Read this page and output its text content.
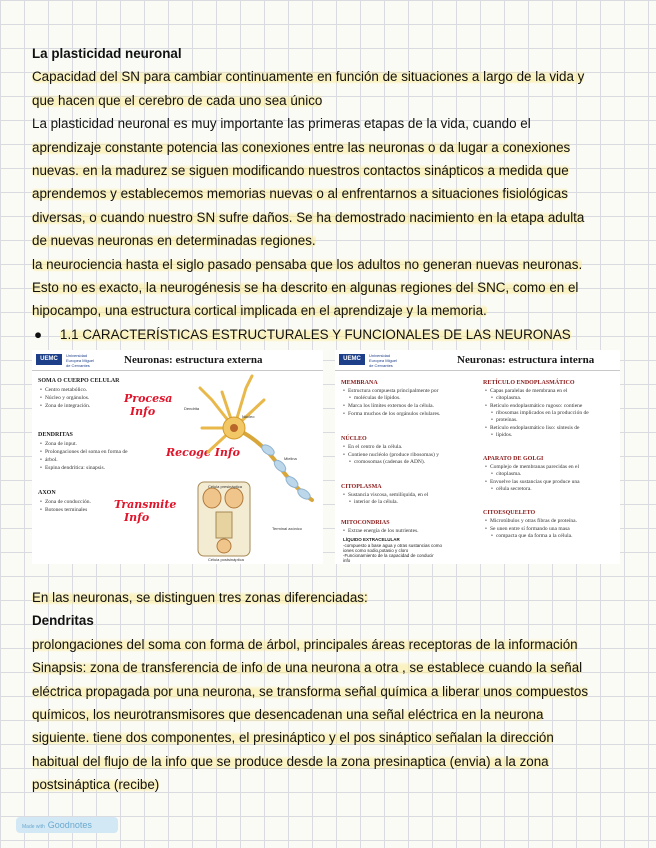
La plasticidad neuronal
Capacidad del SN para cambiar continuamente en función de situaciones a largo de la vida y
que hacen que el cerebro de cada uno sea único
La plasticidad neuronal es muy importante las primeras etapas de la vida, cuando el
aprendizaje constante potencia las conexiones entre las neuronas o da lugar a conexiones
nuevas. en la madurez se siguen modificando nuestros contactos sinápticos a medida que
aprendemos y establecemos memorias nuevas o al enfrentarnos a situaciones fisiológicas
diversas, o cuando nuestro SN sufre daños. Se ha demostrado nacimiento en la etapa adulta
de nuevas neuronas en determinadas regiones.
la neurociencia hasta el siglo pasado pensaba que los adultos no generan nuevas neuronas.
Esto no es exacto, la neurogénesis se ha descrito en algunas regiones del SNC, como en el
hipocampo, una estructura cortical implicada en el aprendizaje y la memoria.
● 1.1 CARACTERÍSTICAS ESTRUCTURALES Y FUNCIONALES DE LAS NEURONAS
UEMC
Universidad Europea Miguel de Cervantes	Neuronas: estructura externa
SOMA O CUERPO CELULAR
• Centro metabólico.
• Núcleo y orgánulos.
• Zona de integración.
DENDRITAS
• Zona de input.
• Prolongaciones del soma en forma de
• árbol.
• Espina dendrítica: sinapsis.
AXON
• Zona de conducción.
• Botones terminales
Procesa
Info
Recoge Info
Transmite
Info
Célula presináptica
Célula postsináptica
Núcleo
Mielina
Terminal axónico
Dendrita
UEMC
Universidad Europea Miguel de Cervantes	Neuronas: estructura interna
MEMBRANA
• Estructura compuesta principalmente por
• moléculas de lípidos.
• Marca los límites externos de la célula.
• Forma muchos de los orgánulos celulares.
NÚCLEO
• En el centro de la célula.
• Contiene nucléolo (produce ribosomas) y
• cromosomas (cadenas de ADN).
CITOPLASMA
• Sustancia viscosa, semilíquida, en el
• interior de la célula.
MITOCONDRIAS
• Extrae energía de los nutrientes.
LÍQUIDO EXTRACELULAR
-compuesto a base agua y otras sustancias como
iones como sodio,potasio y cloro
-Funcionamiento de la capacidad de conducir
info
RETÍCULO ENDOPLASMÁTICO
• Capas paralelas de membrana en el
• citoplasma.
• Retículo endoplasmático rugoso: contiene
• ribosomas implicados en la producción de
• proteínas.
• Retículo endoplasmático liso: síntesis de
• lípidos.
APARATO DE GOLGI
• Complejo de membranas parecidas en el
• citoplasma.
• Envuelve las sustancias que produce una
• célula secretora.
CITOESQUELETO
• Microtúbulos y otras fibras de proteína.
• Se unen entre sí formando una masa
• compacta que da forma a la célula.
En las neuronas, se distinguen tres zonas diferenciadas:
Dendritas
prolongaciones del soma con forma de árbol, principales áreas receptoras de la información
Sinapsis: zona de transferencia de info de una neurona a otra , se establece cuando la señal
eléctrica propagada por una neurona, se transforma señal química a liberar unos compuestos
químicos, los neurotransmisores que desencadenan una señal eléctrica en la neurona
siguiente. tiene dos componentes, el presináptico y el pos sináptico señalan la dirección
habitual del flujo de la info que se produce desde la zona presinaptica (envia) a la zona
postsináptica (recibe)
Made with Goodnotes
